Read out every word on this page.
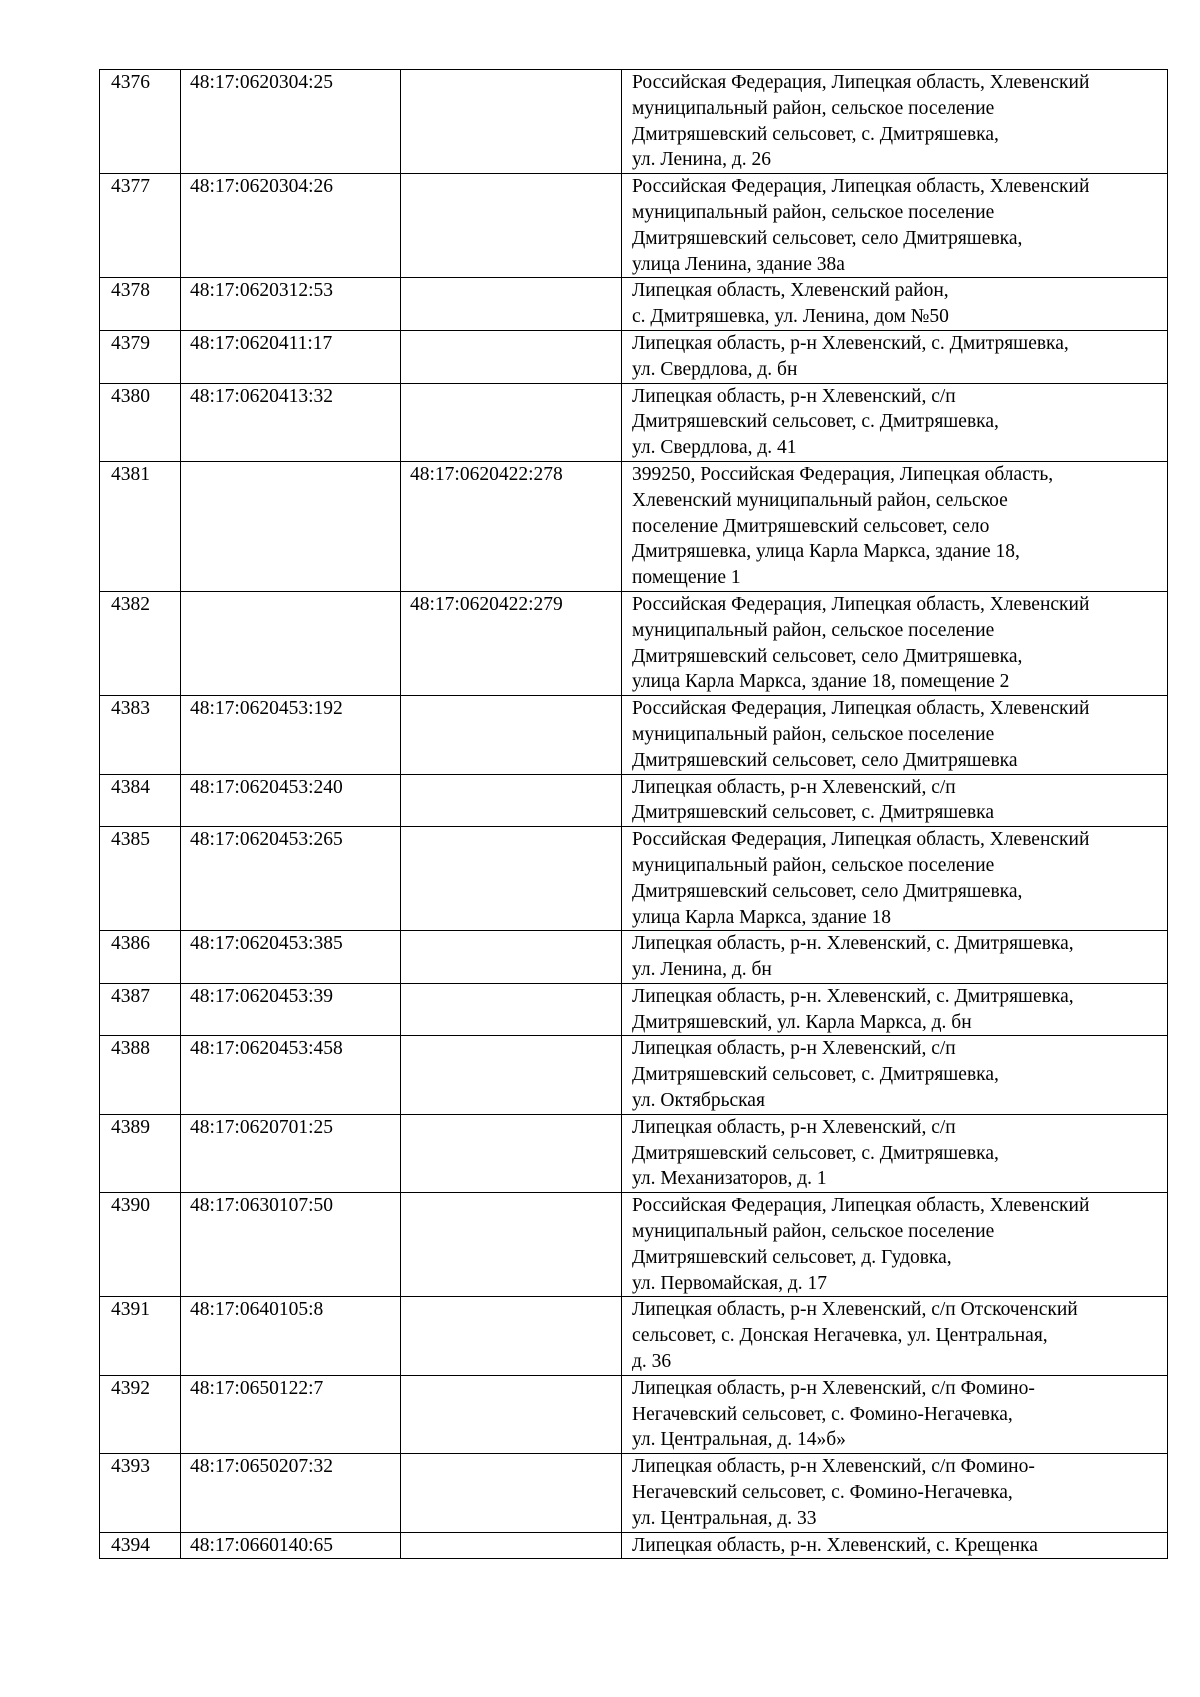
4376	48:17:0620304:25		Российская Федерация, Липецкая область, Хлевенский
муниципальный район, сельское поселение
Дмитряшевский сельсовет, с. Дмитряшевка,
ул. Ленина, д. 26
4377	48:17:0620304:26		Российская Федерация, Липецкая область, Хлевенский
муниципальный район, сельское поселение
Дмитряшевский сельсовет, село Дмитряшевка,
улица Ленина, здание 38а
4378	48:17:0620312:53		Липецкая область, Хлевенский район,
с. Дмитряшевка, ул. Ленина, дом №50
4379	48:17:0620411:17		Липецкая область, р-н Хлевенский, с. Дмитряшевка,
ул. Свердлова, д. бн
4380	48:17:0620413:32		Липецкая область, р-н Хлевенский, с/п
Дмитряшевский сельсовет, с. Дмитряшевка,
ул. Свердлова, д. 41
4381		48:17:0620422:278	399250, Российская Федерация, Липецкая область,
Хлевенский муниципальный район, сельское
поселение Дмитряшевский сельсовет, село
Дмитряшевка, улица Карла Маркса, здание 18,
помещение 1
4382		48:17:0620422:279	Российская Федерация, Липецкая область, Хлевенский
муниципальный район, сельское поселение
Дмитряшевский сельсовет, село Дмитряшевка,
улица Карла Маркса, здание 18, помещение 2
4383	48:17:0620453:192		Российская Федерация, Липецкая область, Хлевенский
муниципальный район, сельское поселение
Дмитряшевский сельсовет, село Дмитряшевка
4384	48:17:0620453:240		Липецкая область, р-н Хлевенский, с/п
Дмитряшевский сельсовет, с. Дмитряшевка
4385	48:17:0620453:265		Российская Федерация, Липецкая область, Хлевенский
муниципальный район, сельское поселение
Дмитряшевский сельсовет, село Дмитряшевка,
улица Карла Маркса, здание 18
4386	48:17:0620453:385		Липецкая область, р-н. Хлевенский, с. Дмитряшевка,
ул. Ленина, д. бн
4387	48:17:0620453:39		Липецкая область, р-н. Хлевенский, с. Дмитряшевка,
Дмитряшевский, ул. Карла Маркса, д. бн
4388	48:17:0620453:458		Липецкая область, р-н Хлевенский, с/п
Дмитряшевский сельсовет, с. Дмитряшевка,
ул. Октябрьская
4389	48:17:0620701:25		Липецкая область, р-н Хлевенский, с/п
Дмитряшевский сельсовет, с. Дмитряшевка,
ул. Механизаторов, д. 1
4390	48:17:0630107:50		Российская Федерация, Липецкая область, Хлевенский
муниципальный район, сельское поселение
Дмитряшевский сельсовет, д. Гудовка,
ул. Первомайская, д. 17
4391	48:17:0640105:8		Липецкая область, р-н Хлевенский, с/п Отскоченский
сельсовет, с. Донская Негачевка, ул. Центральная,
д. 36
4392	48:17:0650122:7		Липецкая область, р-н Хлевенский, с/п Фомино-
Негачевский сельсовет, с. Фомино-Негачевка,
ул. Центральная, д. 14»б»
4393	48:17:0650207:32		Липецкая область, р-н Хлевенский, с/п Фомино-
Негачевский сельсовет, с. Фомино-Негачевка,
ул. Центральная, д. 33
4394	48:17:0660140:65		Липецкая область, р-н. Хлевенский, с. Крещенка
